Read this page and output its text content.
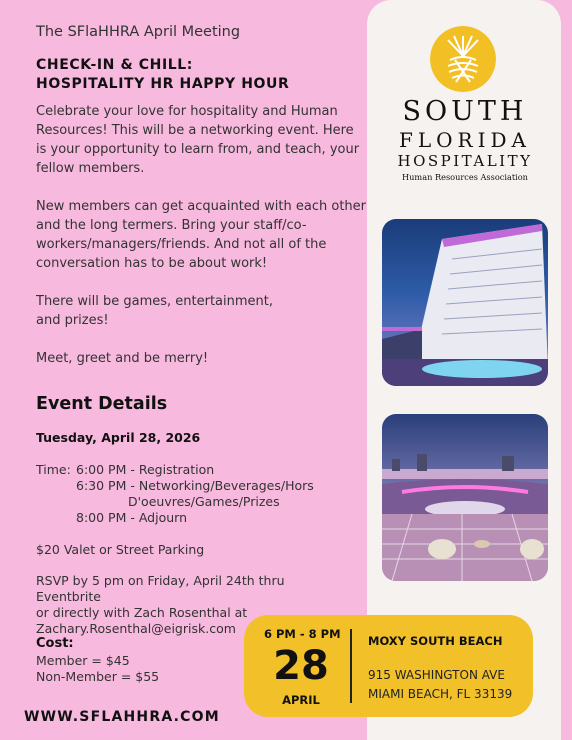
The SFlaHHRA April Meeting
CHECK-IN & CHILL:
HOSPITALITY HR HAPPY HOUR

Celebrate your love for hospitality and Human Resources! This will be a networking event. Here is your opportunity to learn from, and teach, your fellow members.

New members can get acquainted with each other and the long termers. Bring your staff/co-workers/managers/friends. And not all of the conversation has to be about work!

There will be games, entertainment, and prizes!

Meet, greet and be merry!

Event Details
Tuesday, April 28, 2026
Time: 6:00 PM
- Registration
6:30 PM
- Networking/Beverages/Hors
D'oeuvres/Games/Prizes
8:00 PM
- Adjourn
$20 Valet or Street Parking
RSVP by 5 pm on Friday, April 24th thru Eventbrite
or directly with Zach Rosenthal at
Zachary.Rosenthal@eigrisk.com
Cost:
Member = $45
Non-Member = $55
WWW.SFLAHHRA.COM
SOUTH
FLORIDA
HOSPITALITY
Human Resources Association
6 PM - 8 PM
28
APRIL
MOXY SOUTH BEACH
915 WASHINGTON AVE
MIAMI BEACH, FL 33139
